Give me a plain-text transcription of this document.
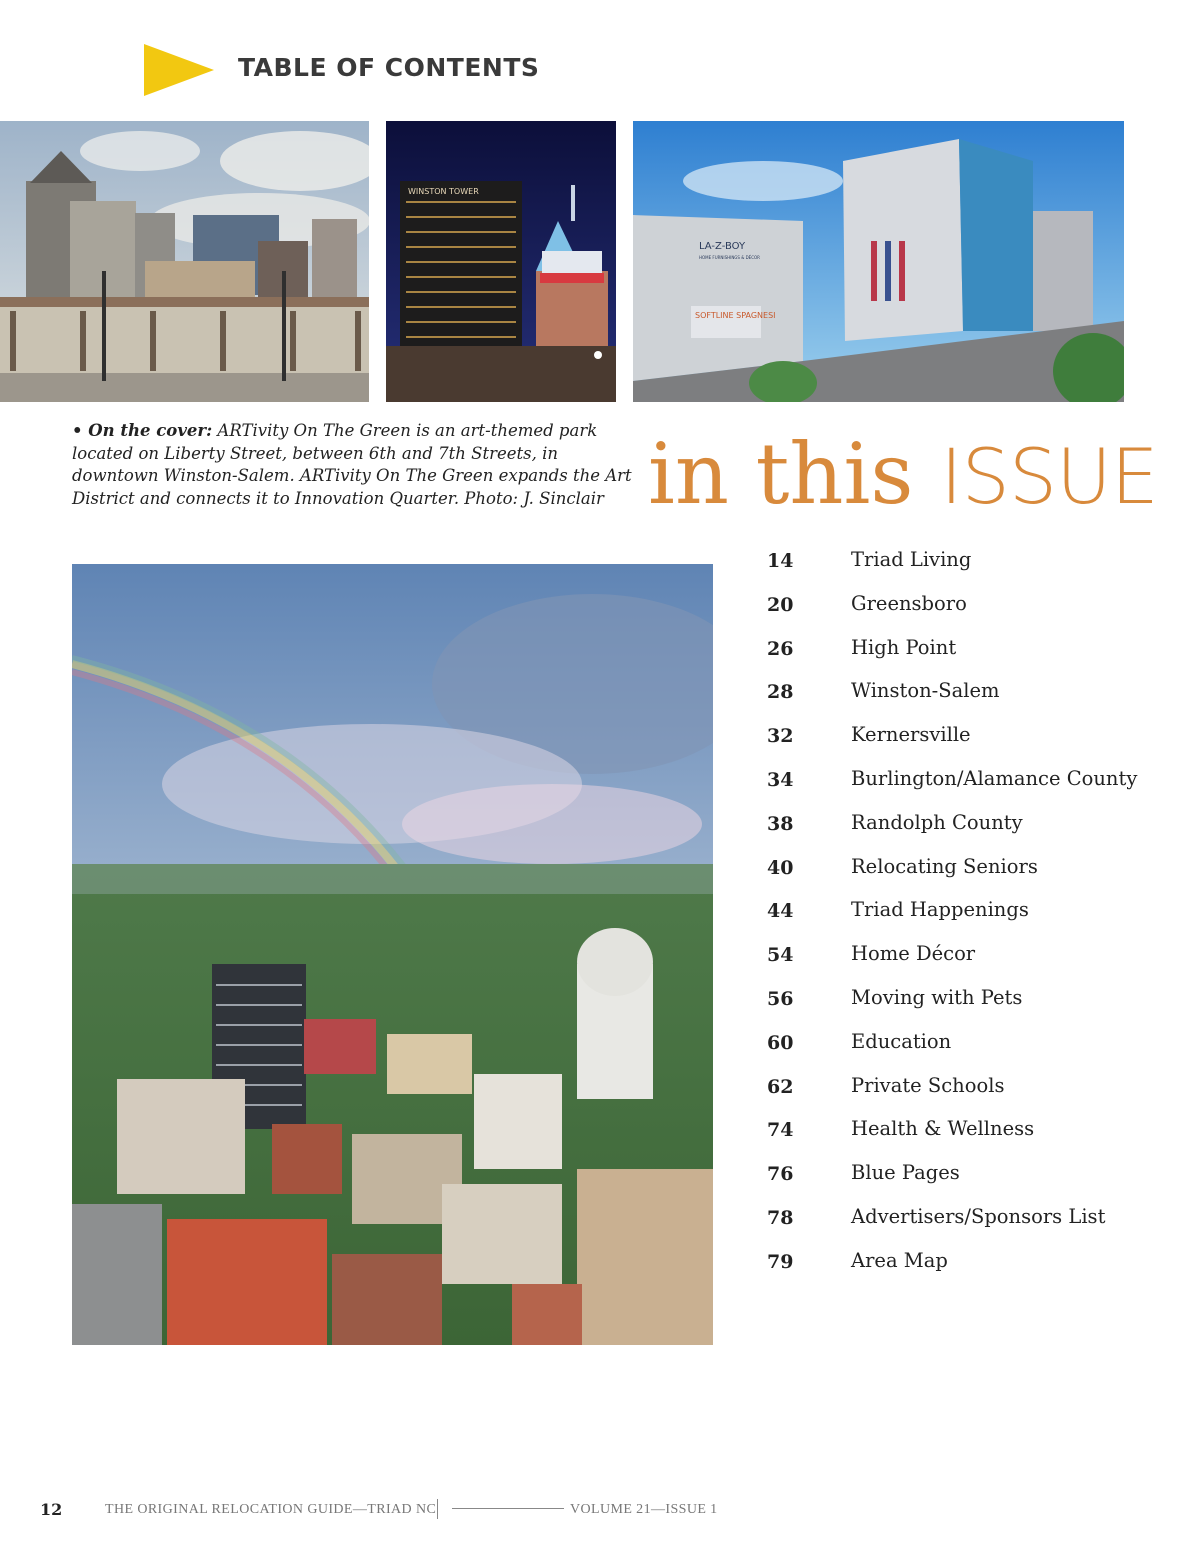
TABLE OF CONTENTS
WINSTON TOWER
LA-Z-BOY
HOME FURNISHINGS & DÉCOR
SOFTLINE SPAGNESI
• On the cover: ARTivity On The Green is an art-themed park located on Liberty Street, between 6th and 7th Streets, in downtown Winston-Salem. ARTivity On The Green expands the Art District and connects it to Innovation Quarter. Photo: J. Sinclair in this ISSUE
14	Triad Living
20	Greensboro
26	High Point
28	Winston-Salem
32	Kernersville
34	Burlington/Alamance County
38	Randolph County
40	Relocating Seniors
44	Triad Happenings
54	Home Décor
56	Moving with Pets
60	Education
62	Private Schools
74	Health & Wellness
76	Blue Pages
78	Advertisers/Sponsors List
79	Area Map
12	THE ORIGINAL RELOCATION GUIDE—TRIAD NC	VOLUME 21—ISSUE 1
